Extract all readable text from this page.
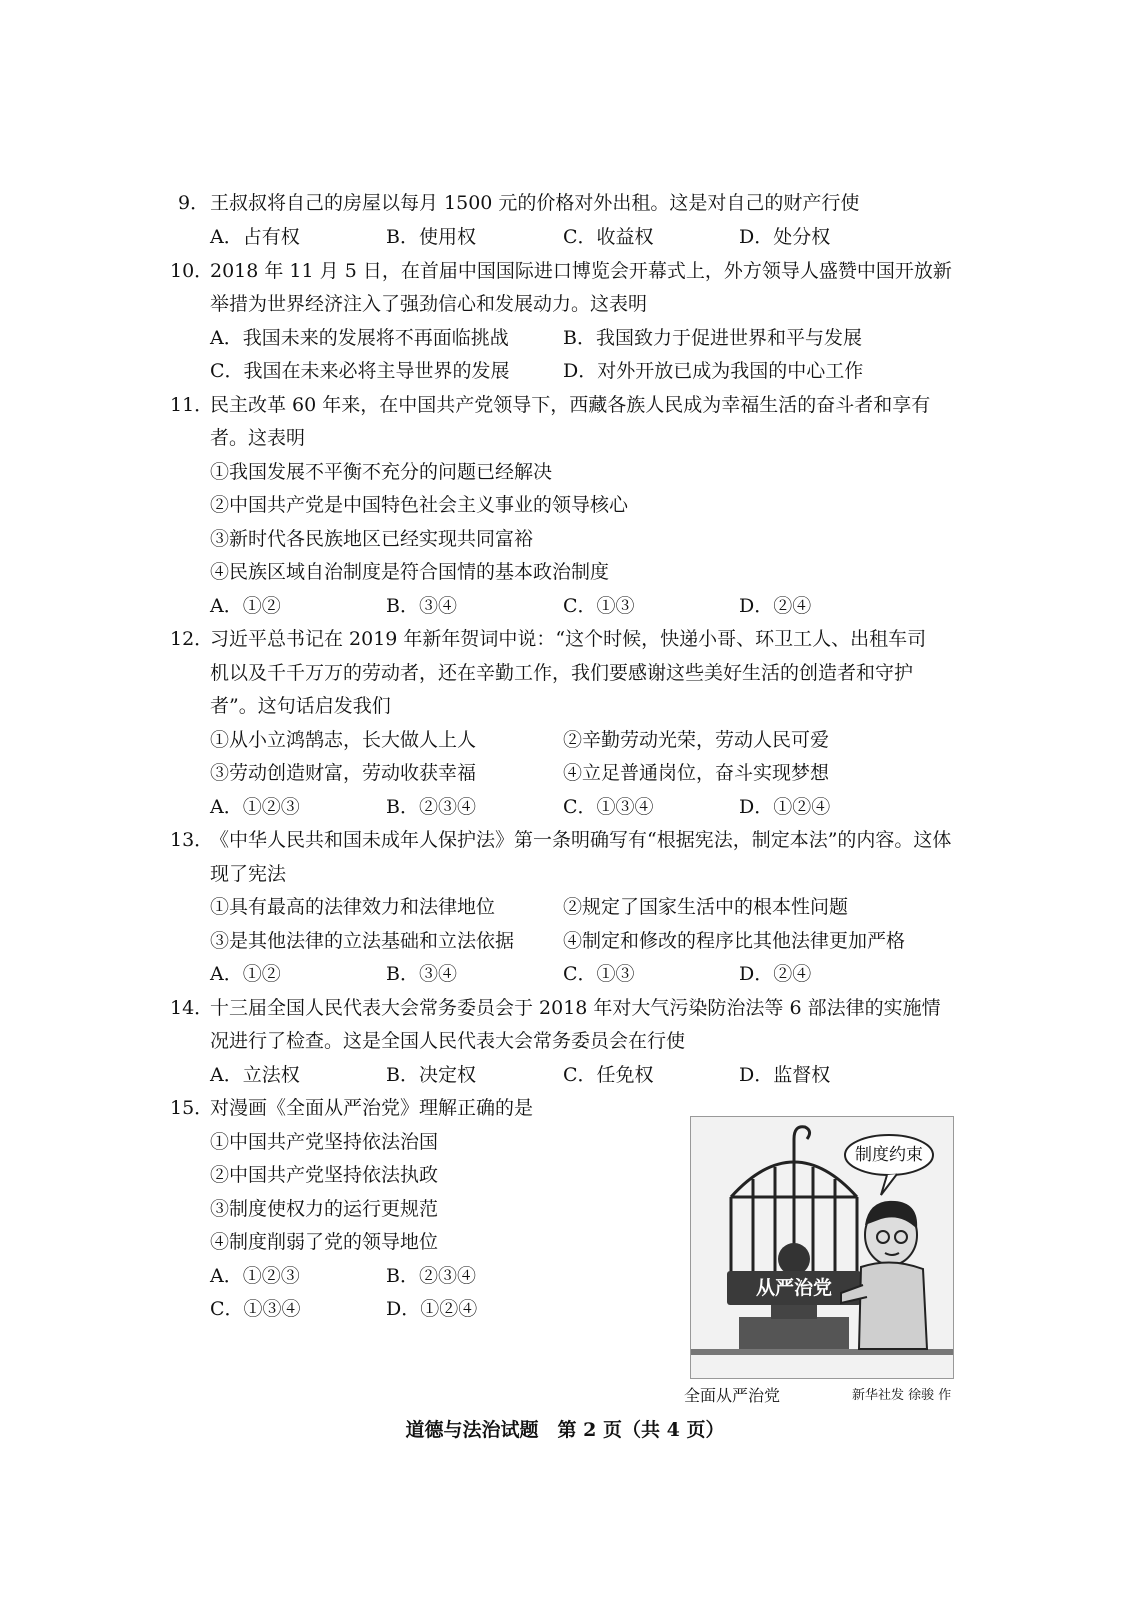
9． 王叔叔将自己的房屋以每月 1500 元的价格对外出租。这是对自己的财产行使
A．占有权	B．使用权	C．收益权	D．处分权
10．
2018 年 11 月 5 日，在首届中国国际进口博览会开幕式上，外方领导人盛赞中国开放新
举措为世界经济注入了强劲信心和发展动力。这表明
A．我国未来的发展将不再面临挑战	B．我国致力于促进世界和平与发展
C．我国在未来必将主导世界的发展	D．对外开放已成为我国的中心工作
11．
民主改革 60 年来，在中国共产党领导下，西藏各族人民成为幸福生活的奋斗者和享有
者。这表明
①我国发展不平衡不充分的问题已经解决
②中国共产党是中国特色社会主义事业的领导核心
③新时代各民族地区已经实现共同富裕
④民族区域自治制度是符合国情的基本政治制度
A．①②	B．③④	C．①③	D．②④
12．
习近平总书记在 2019 年新年贺词中说：“这个时候，快递小哥、环卫工人、出租车司
机以及千千万万的劳动者，还在辛勤工作，我们要感谢这些美好生活的创造者和守护
者”。这句话启发我们
①从小立鸿鹄志，长大做人上人	②辛勤劳动光荣，劳动人民可爱
③劳动创造财富，劳动收获幸福	④立足普通岗位，奋斗实现梦想
A．①②③	B．②③④	C．①③④	D．①②④
13．
《中华人民共和国未成年人保护法》第一条明确写有“根据宪法，制定本法”的内容。这体
现了宪法
①具有最高的法律效力和法律地位	②规定了国家生活中的根本性问题
③是其他法律的立法基础和立法依据	④制定和修改的程序比其他法律更加严格
A．①②	B．③④	C．①③	D．②④
14．
十三届全国人民代表大会常务委员会于 2018 年对大气污染防治法等 6 部法律的实施情
况进行了检查。这是全国人民代表大会常务委员会在行使
A．立法权	B．决定权	C．任免权	D．监督权
15．
对漫画《全面从严治党》理解正确的是
①中国共产党坚持依法治国
②中国共产党坚持依法执政
③制度使权力的运行更规范
④制度削弱了党的领导地位
A．①②③	B．②③④
C．①③④	D．①②④
制度约束
从严治党
全面从严治党	新华社发 徐骏 作
道德与法治试题　第 2 页（共 4 页）
